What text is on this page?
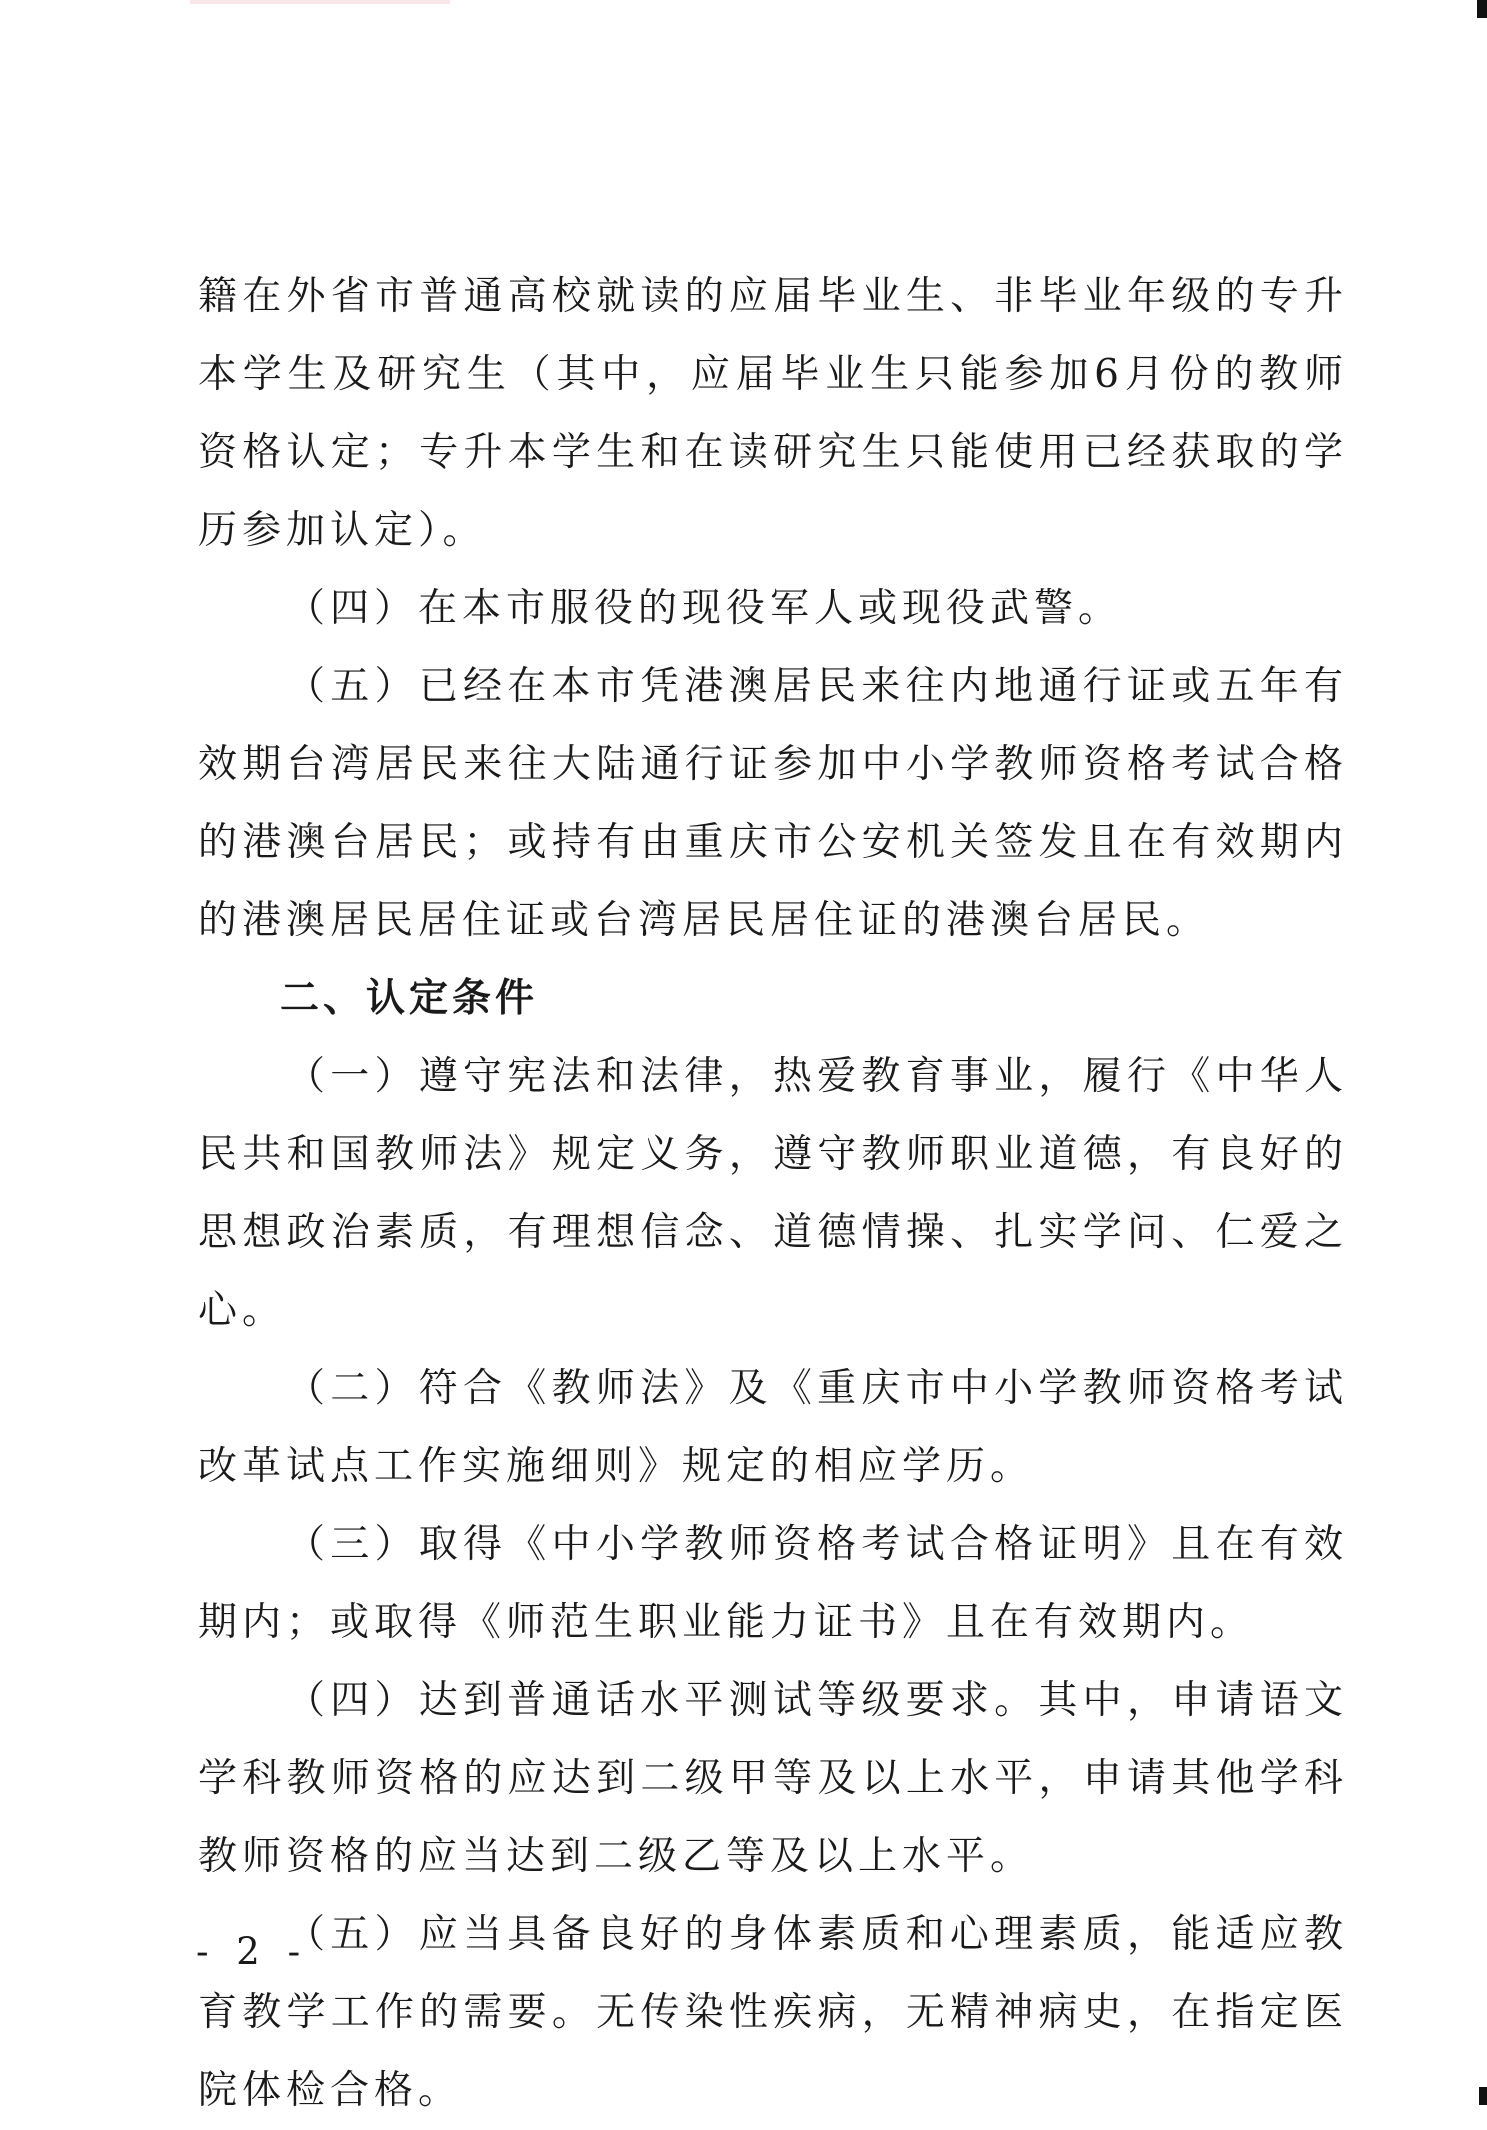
籍在外省市普通高校就读的应届毕业生、非毕业年级的专升本学生及研究生（其中，应届毕业生只能参加6月份的教师资格认定；专升本学生和在读研究生只能使用已经获取的学历参加认定）。

（四）在本市服役的现役军人或现役武警。

（五）已经在本市凭港澳居民来往内地通行证或五年有效期台湾居民来往大陆通行证参加中小学教师资格考试合格的港澳台居民；或持有由重庆市公安机关签发且在有效期内的港澳居民居住证或台湾居民居住证的港澳台居民。

二、认定条件

（一）遵守宪法和法律，热爱教育事业，履行《中华人民共和国教师法》规定义务，遵守教师职业道德，有良好的思想政治素质，有理想信念、道德情操、扎实学问、仁爱之心。

（二）符合《教师法》及《重庆市中小学教师资格考试改革试点工作实施细则》规定的相应学历。

（三）取得《中小学教师资格考试合格证明》且在有效期内；或取得《师范生职业能力证书》且在有效期内。

（四）达到普通话水平测试等级要求。其中，申请语文学科教师资格的应达到二级甲等及以上水平，申请其他学科教师资格的应当达到二级乙等及以上水平。

（五）应当具备良好的身体素质和心理素质，能适应教育教学工作的需要。无传染性疾病，无精神病史，在指定医院体检合格。

- 2 -
